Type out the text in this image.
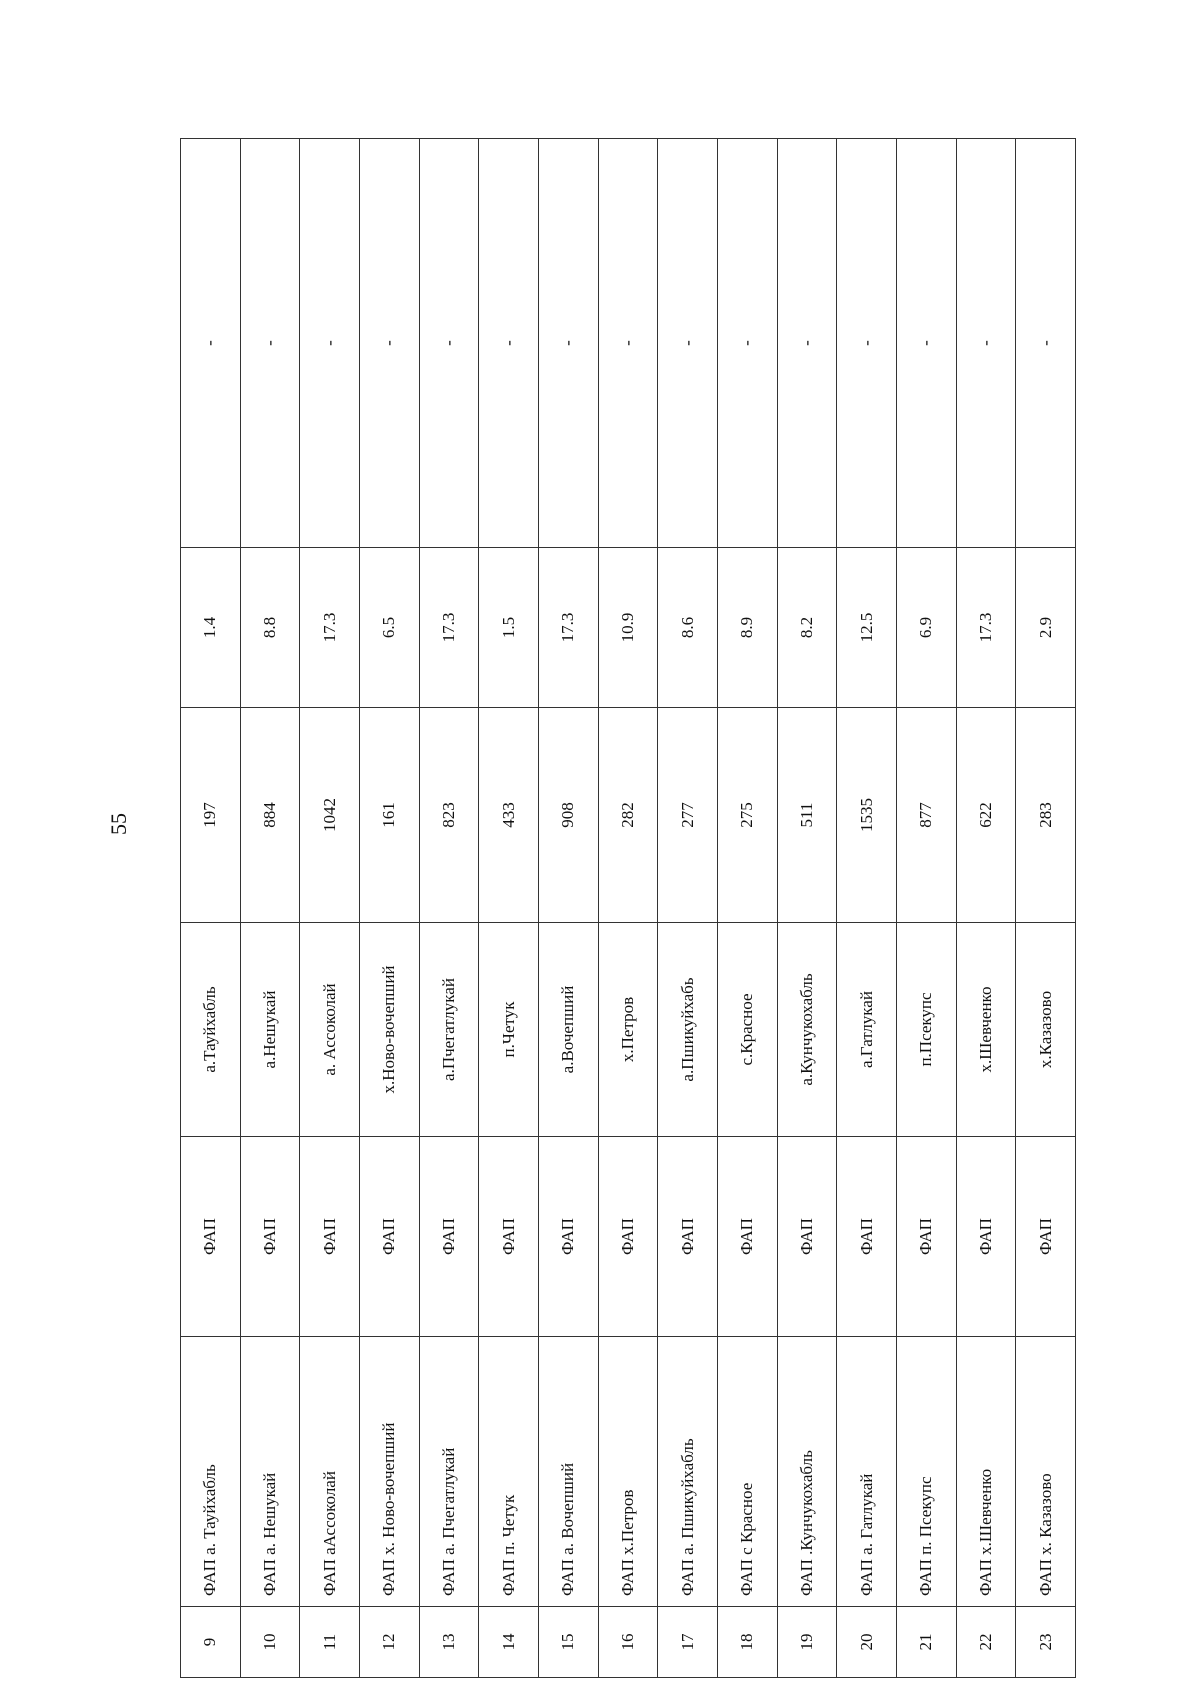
55
9	ФАП а. Тауйхабль	ФАП	а.Тауйхабль	197	1.4	-
10	ФАП а. Нешукай	ФАП	а.Нешукай	884	8.8	-
11	ФАП аАссоколай	ФАП	а. Ассоколай	1042	17.3	-
12	ФАП х. Ново-вочепший	ФАП	х.Ново-вочепший	161	6.5	-
13	ФАП а. Пчегатлукай	ФАП	а.Пчегатлукай	823	17.3	-
14	ФАП п. Четук	ФАП	п.Четук	433	1.5	-
15	ФАП а. Вочепший	ФАП	а.Вочепший	908	17.3	-
16	ФАП х.Петров	ФАП	х.Петров	282	10.9	-
17	ФАП а. Пшикуйхабль	ФАП	а.Пшикуйхабь	277	8.6	-
18	ФАП с Красное	ФАП	с.Красное	275	8.9	-
19	ФАП .Кунчукохабль	ФАП	а.Кунчукохабль	511	8.2	-
20	ФАП а. Гатлукай	ФАП	а.Гатлукай	1535	12.5	-
21	ФАП п. Псекупс	ФАП	п.Псекупс	877	6.9	-
22	ФАП х.Шевченко	ФАП	х.Шевченко	622	17.3	-
23	ФАП х. Казазово	ФАП	х.Казазово	283	2.9	-
